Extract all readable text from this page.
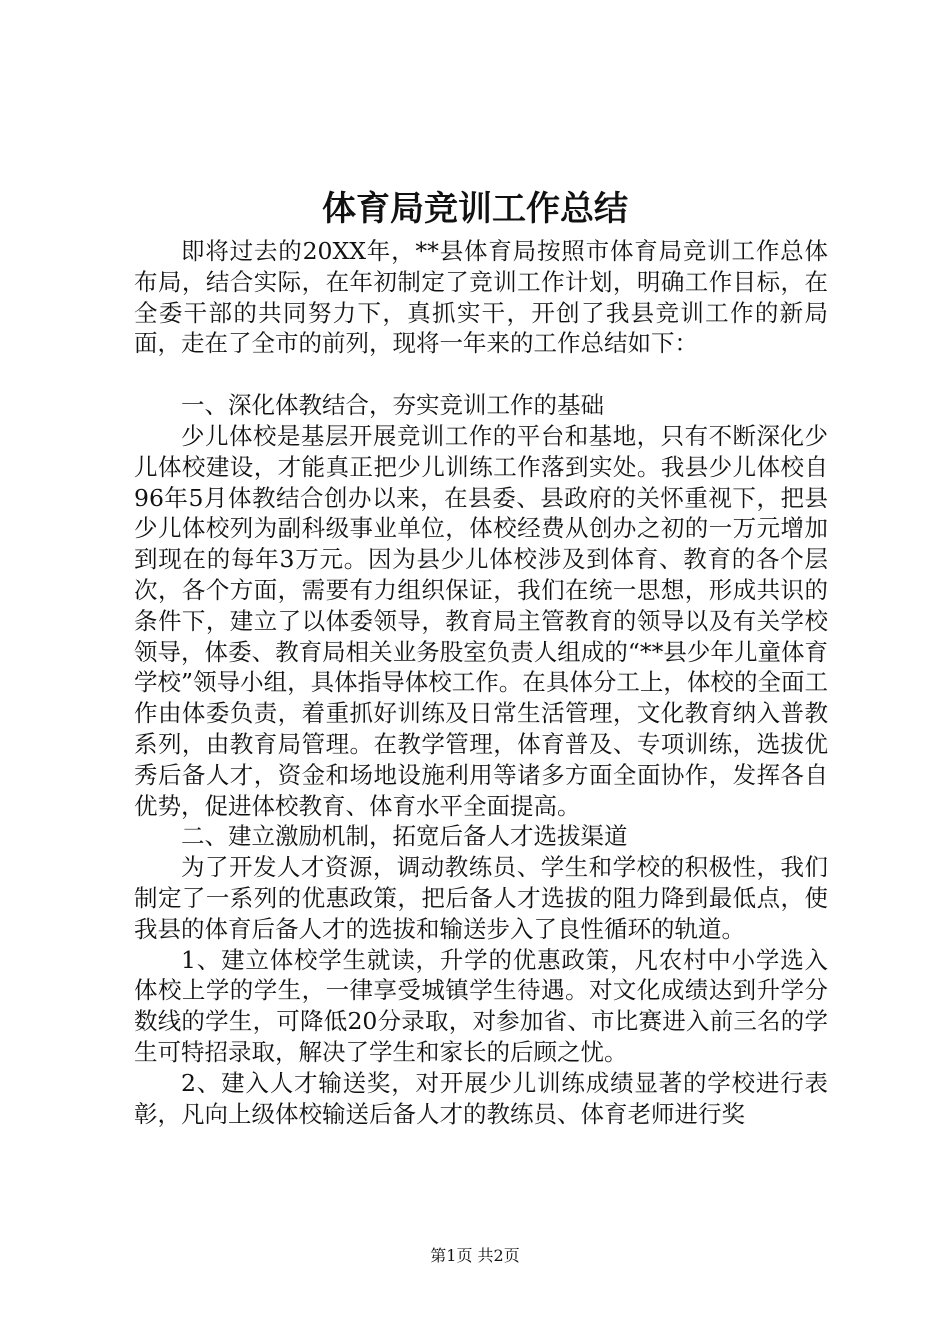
体育局竞训工作总结

即将过去的20XX年，**县体育局按照市体育局竞训工作总体布局，结合实际，在年初制定了竞训工作计划，明确工作目标，在全委干部的共同努力下，真抓实干，开创了我县竞训工作的新局面，走在了全市的前列，现将一年来的工作总结如下：

一、深化体教结合，夯实竞训工作的基础

少儿体校是基层开展竞训工作的平台和基地，只有不断深化少儿体校建设，才能真正把少儿训练工作落到实处。我县少儿体校自96年5月体教结合创办以来，在县委、县政府的关怀重视下，把县少儿体校列为副科级事业单位，体校经费从创办之初的一万元增加到现在的每年3万元。因为县少儿体校涉及到体育、教育的各个层次，各个方面，需要有力组织保证，我们在统一思想，形成共识的条件下，建立了以体委领导，教育局主管教育的领导以及有关学校领导，体委、教育局相关业务股室负责人组成的“**县少年儿童体育学校”领导小组，具体指导体校工作。在具体分工上，体校的全面工作由体委负责，着重抓好训练及日常生活管理，文化教育纳入普教系列，由教育局管理。在教学管理，体育普及、专项训练，选拔优秀后备人才，资金和场地设施利用等诸多方面全面协作，发挥各自优势，促进体校教育、体育水平全面提高。

二、建立激励机制，拓宽后备人才选拔渠道

为了开发人才资源，调动教练员、学生和学校的积极性，我们制定了一系列的优惠政策，把后备人才选拔的阻力降到最低点，使我县的体育后备人才的选拔和输送步入了良性循环的轨道。

1、建立体校学生就读，升学的优惠政策，凡农村中小学选入体校上学的学生，一律享受城镇学生待遇。对文化成绩达到升学分数线的学生，可降低20分录取，对参加省、市比赛进入前三名的学生可特招录取，解决了学生和家长的后顾之忧。

2、建入人才输送奖，对开展少儿训练成绩显著的学校进行表彰，凡向上级体校输送后备人才的教练员、体育老师进行奖

第1页 共2页
